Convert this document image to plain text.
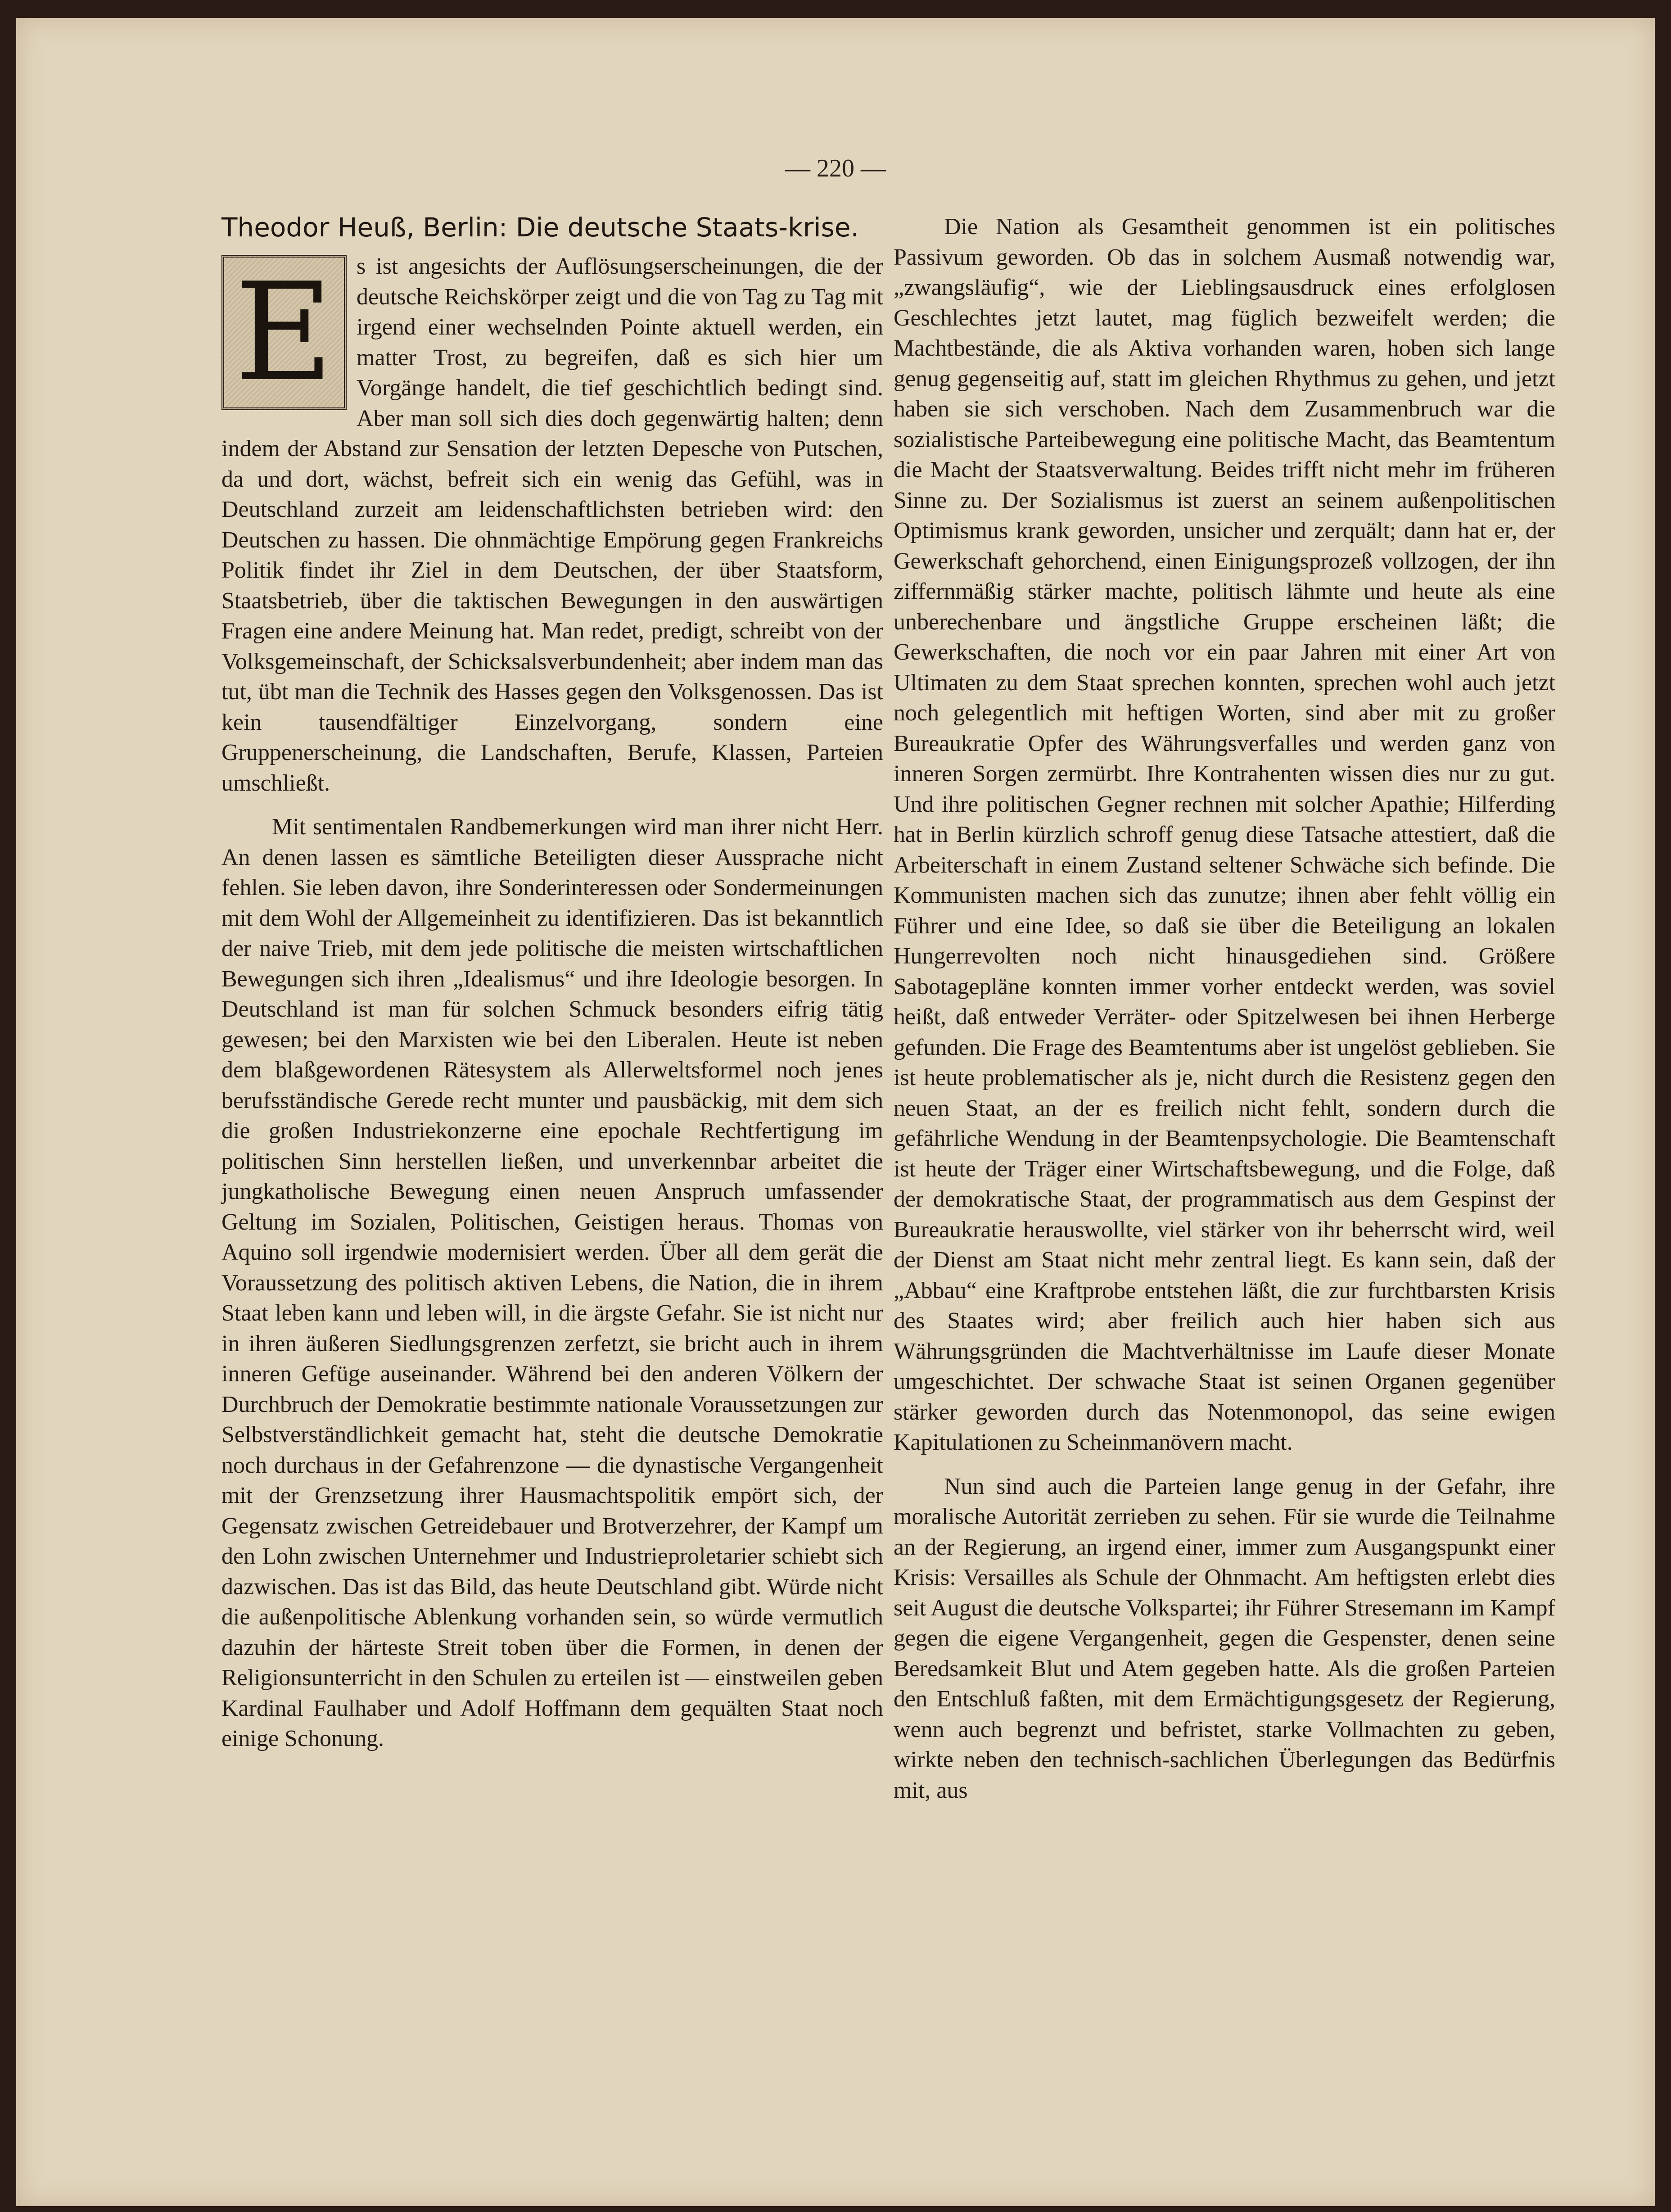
— 220 —
Theodor Heuß, Berlin: Die deutsche Staats-krise.
E s ist angesichts der Auflösungserscheinungen, die der deutsche Reichskörper zeigt und die von Tag zu Tag mit irgend einer wechselnden Pointe aktuell werden, ein matter Trost, zu begreifen, daß es sich hier um Vorgänge handelt, die tief geschichtlich bedingt sind. Aber man soll sich dies doch gegenwärtig halten; denn indem der Abstand zur Sensation der letzten Depesche von Putschen, da und dort, wächst, befreit sich ein wenig das Gefühl, was in Deutschland zurzeit am leidenschaftlichsten betrieben wird: den Deutschen zu hassen. Die ohnmächtige Empörung gegen Frankreichs Politik findet ihr Ziel in dem Deutschen, der über Staatsform, Staatsbetrieb, über die taktischen Bewegungen in den auswärtigen Fragen eine andere Meinung hat. Man redet, predigt, schreibt von der Volksgemeinschaft, der Schicksalsverbundenheit; aber indem man das tut, übt man die Technik des Hasses gegen den Volksgenossen. Das ist kein tausendfältiger Einzelvorgang, sondern eine Gruppenerscheinung, die Landschaften, Berufe, Klassen, Parteien umschließt.

Mit sentimentalen Randbemerkungen wird man ihrer nicht Herr. An denen lassen es sämtliche Beteiligten dieser Aussprache nicht fehlen. Sie leben davon, ihre Sonderinteressen oder Sondermeinungen mit dem Wohl der Allgemeinheit zu identifizieren. Das ist bekanntlich der naive Trieb, mit dem jede politische die meisten wirtschaftlichen Bewegungen sich ihren „Idealismus“ und ihre Ideologie besorgen. In Deutschland ist man für solchen Schmuck besonders eifrig tätig gewesen; bei den Marxisten wie bei den Liberalen. Heute ist neben dem blaßgewordenen Rätesystem als Allerweltsformel noch jenes berufsständische Gerede recht munter und pausbäckig, mit dem sich die großen Industriekonzerne eine epochale Rechtfertigung im politischen Sinn herstellen ließen, und unverkennbar arbeitet die jungkatholische Bewegung einen neuen Anspruch umfassender Geltung im Sozialen, Politischen, Geistigen heraus. Thomas von Aquino soll irgendwie modernisiert werden. Über all dem gerät die Voraussetzung des politisch aktiven Lebens, die Nation, die in ihrem Staat leben kann und leben will, in die ärgste Gefahr. Sie ist nicht nur in ihren äußeren Siedlungsgrenzen zerfetzt, sie bricht auch in ihrem inneren Gefüge auseinander. Während bei den anderen Völkern der Durchbruch der Demokratie bestimmte nationale Voraussetzungen zur Selbstverständlichkeit gemacht hat, steht die deutsche Demokratie noch durchaus in der Gefahrenzone — die dynastische Vergangenheit mit der Grenzsetzung ihrer Hausmachtspolitik empört sich, der Gegensatz zwischen Getreidebauer und Brotverzehrer, der Kampf um den Lohn zwischen Unternehmer und Industrieproletarier schiebt sich dazwischen. Das ist das Bild, das heute Deutschland gibt. Würde nicht die außenpolitische Ablenkung vorhanden sein, so würde vermutlich dazuhin der härteste Streit toben über die Formen, in denen der Religionsunterricht in den Schulen zu erteilen ist — einstweilen geben Kardinal Faulhaber und Adolf Hoffmann dem gequälten Staat noch einige Schonung.

Die Nation als Gesamtheit genommen ist ein politisches Passivum geworden. Ob das in solchem Ausmaß notwendig war, „zwangsläufig“, wie der Lieblingsausdruck eines erfolglosen Geschlechtes jetzt lautet, mag füglich bezweifelt werden; die Machtbestände, die als Aktiva vorhanden waren, hoben sich lange genug gegenseitig auf, statt im gleichen Rhythmus zu gehen, und jetzt haben sie sich verschoben. Nach dem Zusammenbruch war die sozialistische Parteibewegung eine politische Macht, das Beamtentum die Macht der Staatsverwaltung. Beides trifft nicht mehr im früheren Sinne zu. Der Sozialismus ist zuerst an seinem außenpolitischen Optimismus krank geworden, unsicher und zerquält; dann hat er, der Gewerkschaft gehorchend, einen Einigungsprozeß vollzogen, der ihn ziffernmäßig stärker machte, politisch lähmte und heute als eine unberechenbare und ängstliche Gruppe erscheinen läßt; die Gewerkschaften, die noch vor ein paar Jahren mit einer Art von Ultimaten zu dem Staat sprechen konnten, sprechen wohl auch jetzt noch gelegentlich mit heftigen Worten, sind aber mit zu großer Bureaukratie Opfer des Währungsverfalles und werden ganz von inneren Sorgen zermürbt. Ihre Kontrahenten wissen dies nur zu gut. Und ihre politischen Gegner rechnen mit solcher Apathie; Hilferding hat in Berlin kürzlich schroff genug diese Tatsache attestiert, daß die Arbeiterschaft in einem Zustand seltener Schwäche sich befinde. Die Kommunisten machen sich das zunutze; ihnen aber fehlt völlig ein Führer und eine Idee, so daß sie über die Beteiligung an lokalen Hungerrevolten noch nicht hinausgediehen sind. Größere Sabotagepläne konnten immer vorher entdeckt werden, was soviel heißt, daß entweder Verräter- oder Spitzelwesen bei ihnen Herberge gefunden. Die Frage des Beamtentums aber ist ungelöst geblieben. Sie ist heute problematischer als je, nicht durch die Resistenz gegen den neuen Staat, an der es freilich nicht fehlt, sondern durch die gefährliche Wendung in der Beamtenpsychologie. Die Beamtenschaft ist heute der Träger einer Wirtschaftsbewegung, und die Folge, daß der demokratische Staat, der programmatisch aus dem Gespinst der Bureaukratie herauswollte, viel stärker von ihr beherrscht wird, weil der Dienst am Staat nicht mehr zentral liegt. Es kann sein, daß der „Abbau“ eine Kraftprobe entstehen läßt, die zur furchtbarsten Krisis des Staates wird; aber freilich auch hier haben sich aus Währungsgründen die Machtverhältnisse im Laufe dieser Monate umgeschichtet. Der schwache Staat ist seinen Organen gegenüber stärker geworden durch das Notenmonopol, das seine ewigen Kapitulationen zu Scheinmanövern macht.

Nun sind auch die Parteien lange genug in der Gefahr, ihre moralische Autorität zerrieben zu sehen. Für sie wurde die Teilnahme an der Regierung, an irgend einer, immer zum Ausgangspunkt einer Krisis: Versailles als Schule der Ohnmacht. Am heftigsten erlebt dies seit August die deutsche Volkspartei; ihr Führer Stresemann im Kampf gegen die eigene Vergangenheit, gegen die Gespenster, denen seine Beredsamkeit Blut und Atem gegeben hatte. Als die großen Parteien den Entschluß faßten, mit dem Ermächtigungsgesetz der Regierung, wenn auch begrenzt und befristet, starke Vollmachten zu geben, wirkte neben den technisch-sachlichen Überlegungen das Bedürfnis mit, aus
